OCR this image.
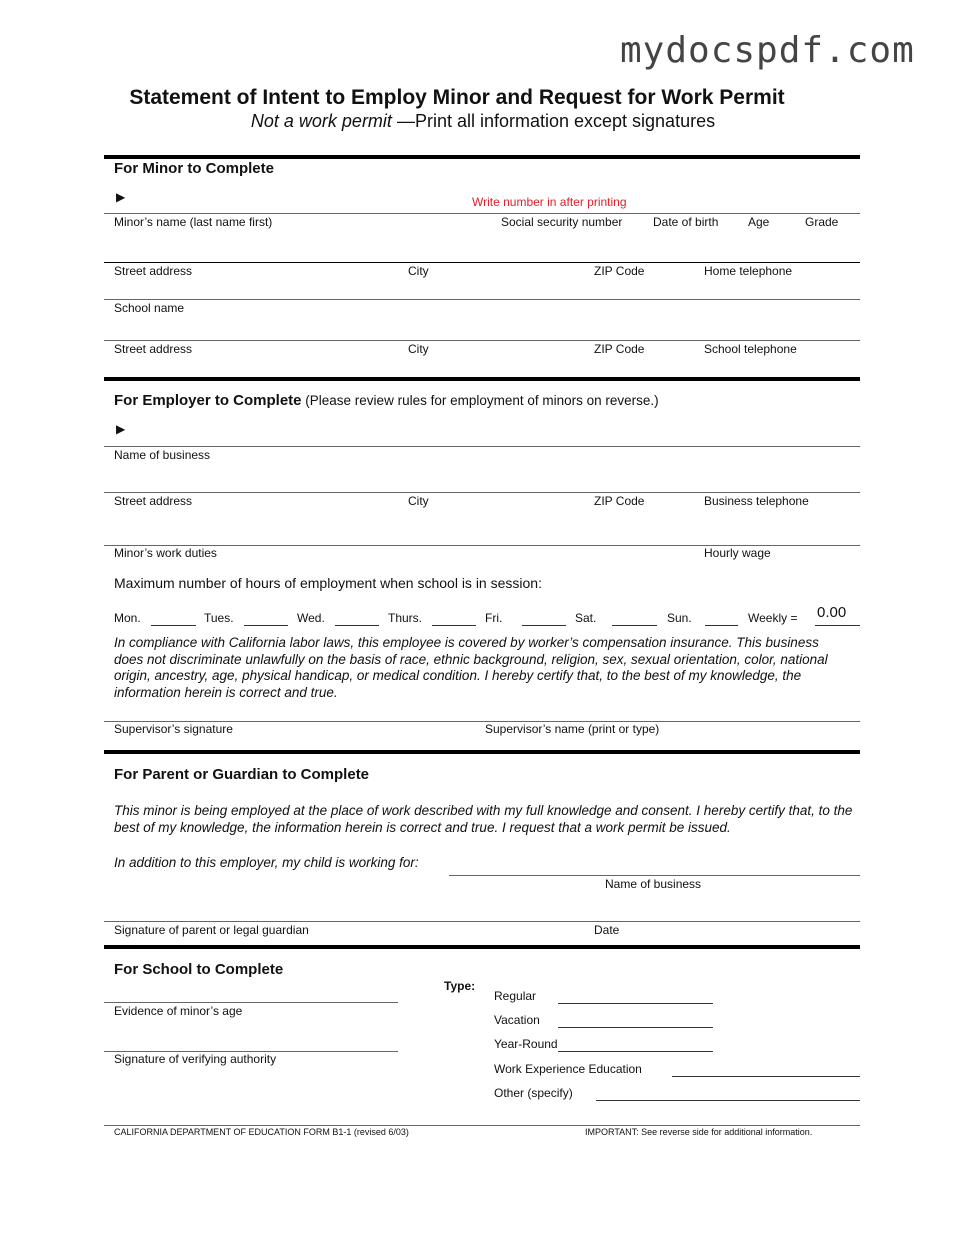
mydocspdf.com
Statement of Intent to Employ Minor and Request for Work Permit
Not a work permit —Print all information except signatures
For Minor to Complete
▶	Write number in after printing
Minor’s name (last name first)	Social security number	Date of birth Age	Grade
Street address	City	ZIP Code	Home telephone
School name
Street address	City	ZIP Code	School telephone
For Employer to Complete (Please review rules for employment of minors on reverse.)
▶
Name of business
Street address	City	ZIP Code	Business telephone
Minor’s work duties	Hourly wage
Maximum number of hours of employment when school is in session:
Mon.	Tues.	Wed.	Thurs.	Fri.	Sat.	Sun.	Weekly = 0.00
In compliance with California labor laws, this employee is covered by worker’s compensation insurance. This business does not discriminate unlawfully on the basis of race, ethnic background, religion, sex, sexual orientation, color, national origin, ancestry, age, physical handicap, or medical condition. I hereby certify that, to the best of my knowledge, the information herein is correct and true.
Supervisor’s signature	Supervisor’s name (print or type)
For Parent or Guardian to Complete
This minor is being employed at the place of work described with my full knowledge and consent. I hereby certify that, to the best of my knowledge, the information herein is correct and true. I request that a work permit be issued.
In addition to this employer, my child is working for:
Name of business
Signature of parent or legal guardian	Date
For School to Complete
Evidence of minor’s age
Signature of verifying authority
Type:
Regular
Vacation
Year-Round
Work Experience Education
Other (specify)
CALIFORNIA DEPARTMENT OF EDUCATION FORM B1-1 (revised 6/03)	IMPORTANT: See reverse side for additional information.
